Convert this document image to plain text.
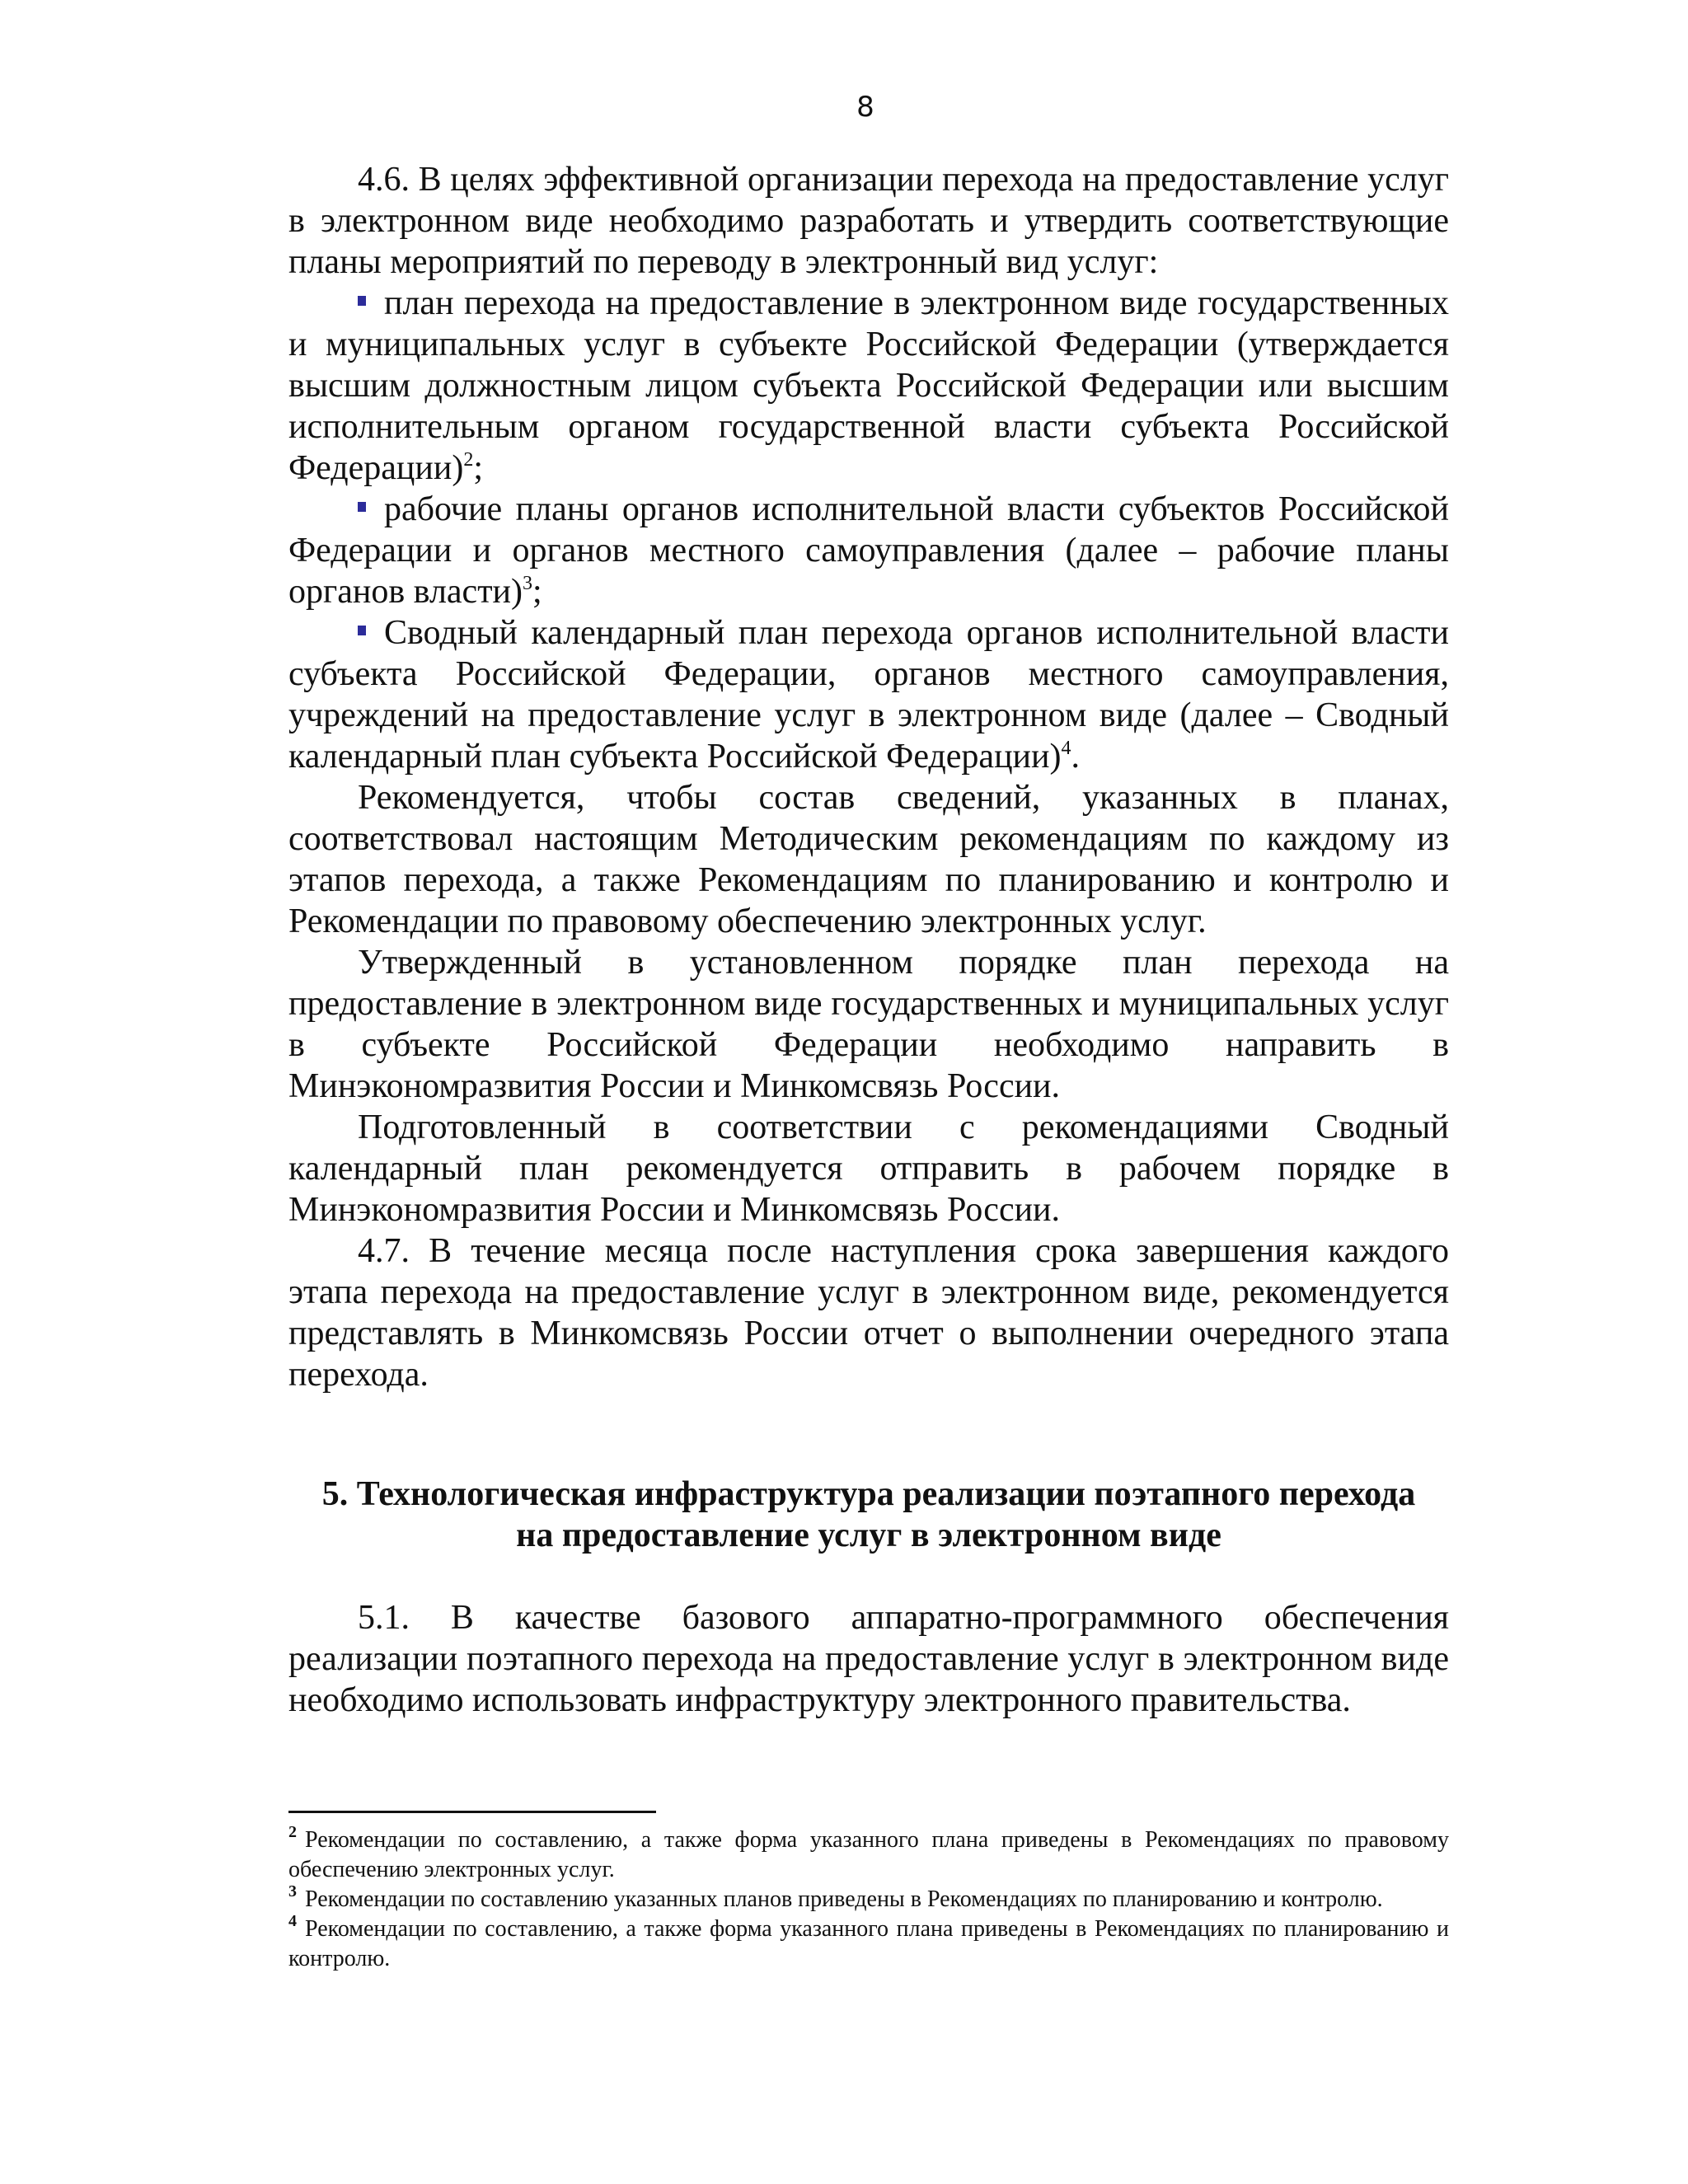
8

4.6. В целях эффективной организации перехода на предоставление услуг в электронном виде необходимо разработать и утвердить соответствующие планы мероприятий по переводу в электронный вид услуг:

план перехода на предоставление в электронном виде государственных и муниципальных услуг в субъекте Российской Федерации (утверждается высшим должностным лицом субъекта Российской Федерации или высшим исполнительным органом государственной власти субъекта Российской Федерации)$^2$;

рабочие планы органов исполнительной власти субъектов Российской Федерации и органов местного самоуправления (далее – рабочие планы органов власти)$^3$;

Сводный календарный план перехода органов исполнительной власти субъекта Российской Федерации, органов местного самоуправления, учреждений на предоставление услуг в электронном виде (далее – Сводный календарный план субъекта Российской Федерации)$^4$.

Рекомендуется, чтобы состав сведений, указанных в планах, соответствовал настоящим Методическим рекомендациям по каждому из этапов перехода, а также Рекомендациям по планированию и контролю и Рекомендации по правовому обеспечению электронных услуг.

Утвержденный в установленном порядке план перехода на предоставление в электронном виде государственных и муниципальных услуг в субъекте Российской Федерации необходимо направить в Минэкономразвития России и Минкомсвязь России.

Подготовленный в соответствии с рекомендациями Сводный календарный план рекомендуется отправить в рабочем порядке в Минэкономразвития России и Минкомсвязь России.

4.7. В течение месяца после наступления срока завершения каждого этапа перехода на предоставление услуг в электронном виде, рекомендуется представлять в Минкомсвязь России отчет о выполнении очередного этапа перехода.

5. Технологическая инфраструктура реализации поэтапного перехода
на предоставление услуг в электронном виде

5.1. В качестве базового аппаратно-программного обеспечения реализации поэтапного перехода на предоставление услуг в электронном виде необходимо использовать инфраструктуру электронного правительства.

$^2$ Рекомендации по составлению, а также форма указанного плана приведены в Рекомендациях по правовому обеспечению электронных услуг.

$^3$ Рекомендации по составлению указанных планов приведены в Рекомендациях по планированию и контролю.

$^4$ Рекомендации по составлению, а также форма указанного плана приведены в Рекомендациях по планированию и контролю.
